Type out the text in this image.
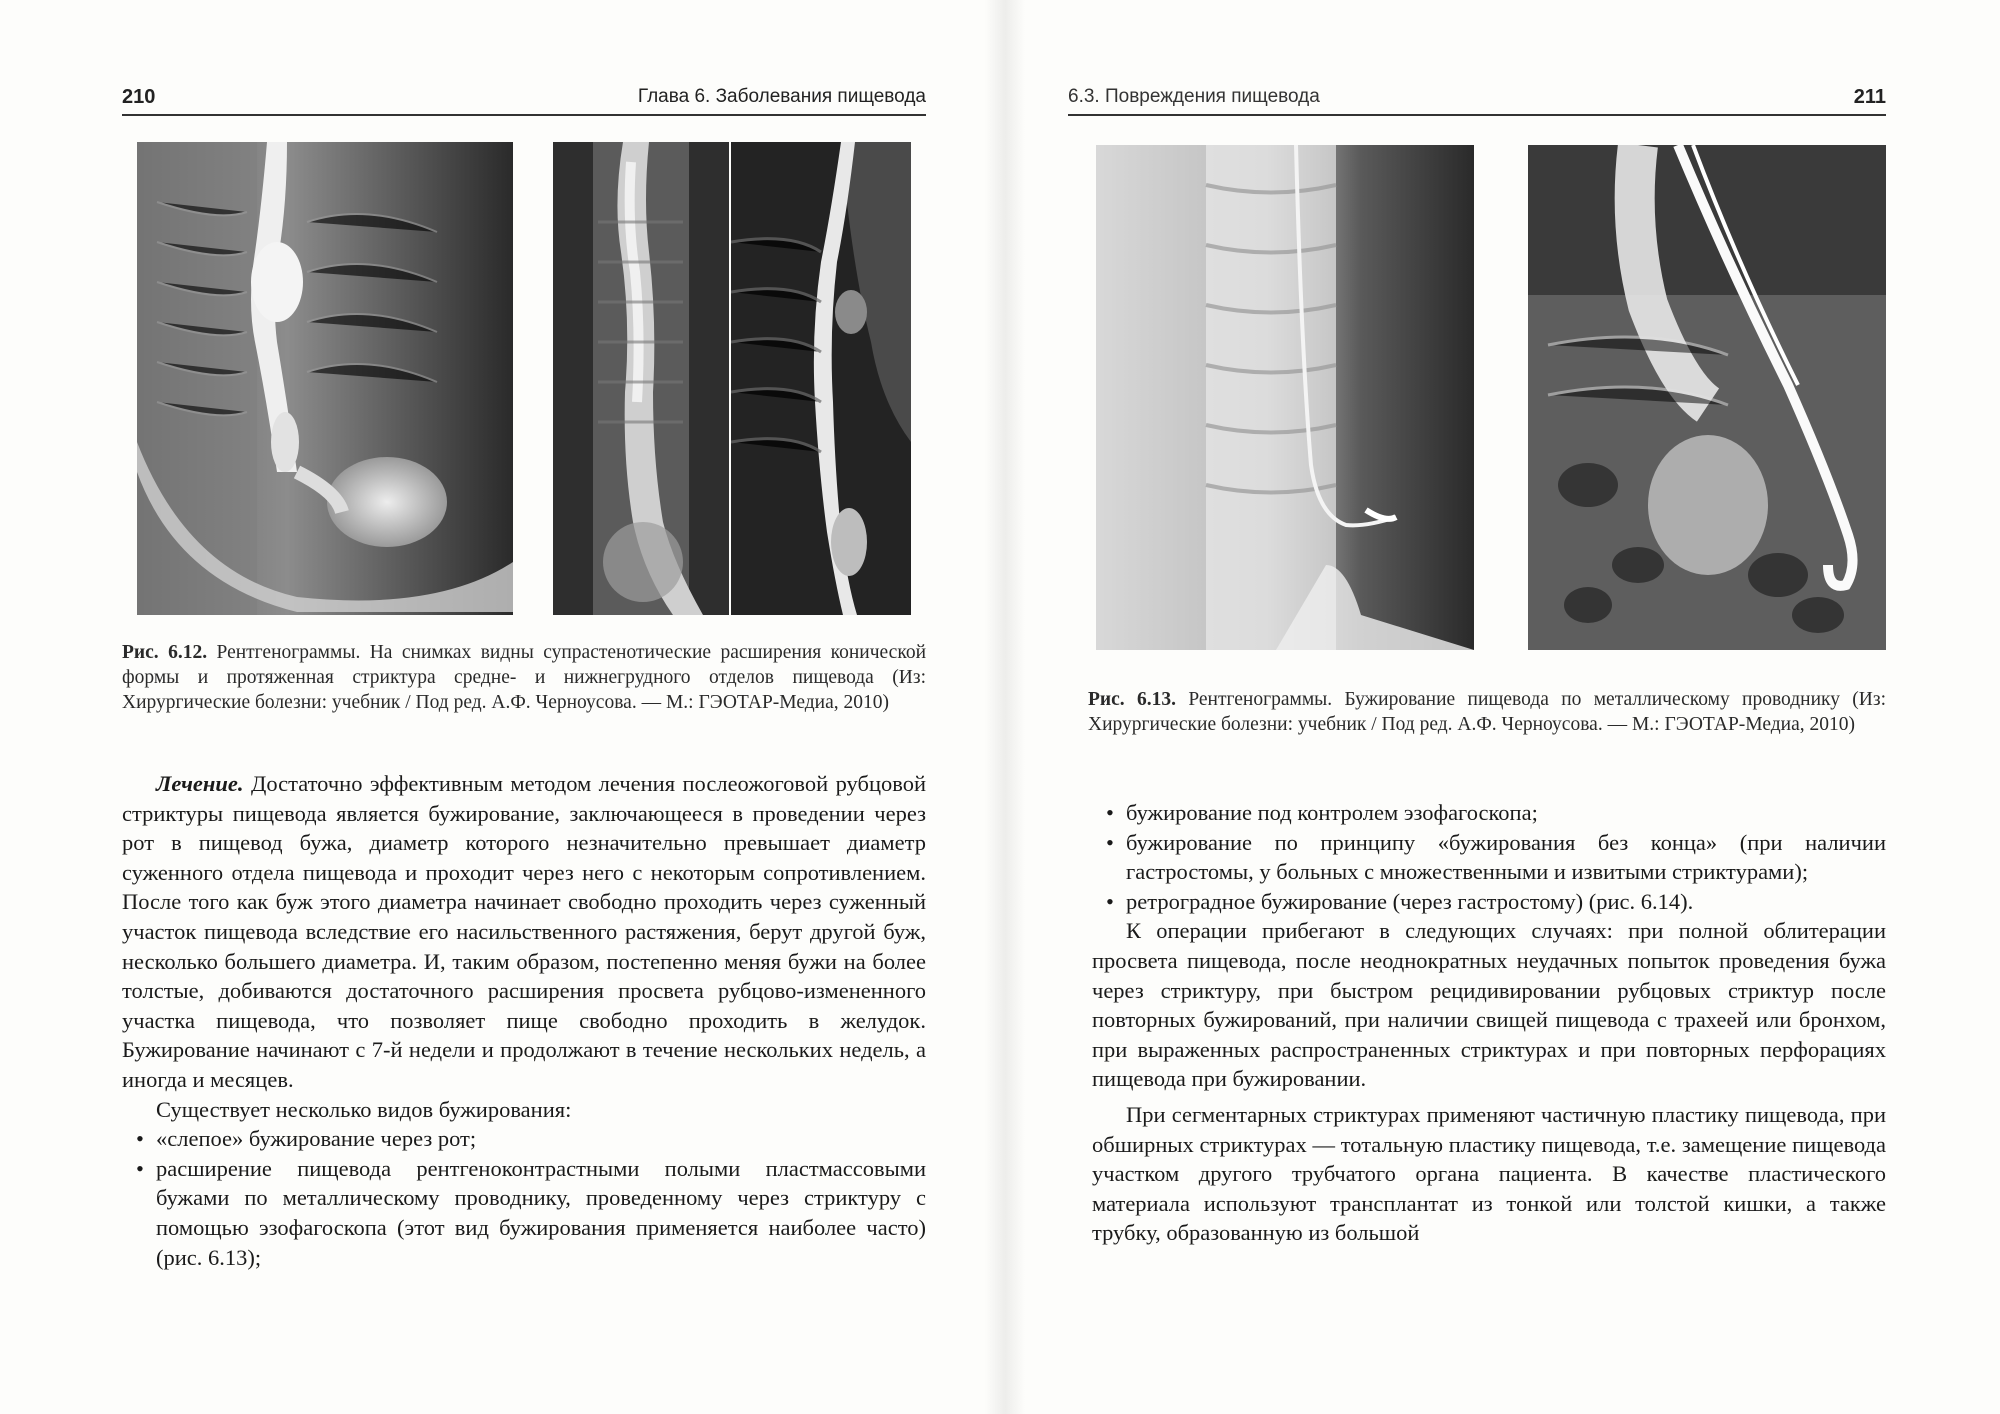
210	Глава 6. Заболевания пищевода
Рис. 6.12. Рентгенограммы. На снимках видны супрастенотические расширения конической формы и протяженная стриктура средне- и нижнегрудного отделов пищевода (Из: Хирургические болезни: учебник / Под ред. А.Ф. Черноусова. — М.: ГЭОТАР-Медиа, 2010)

Лечение. Достаточно эффективным методом лечения послеожоговой рубцовой стриктуры пищевода является бужирование, заключающееся в проведении через рот в пищевод бужа, диаметр которого незначительно превышает диаметр суженного отдела пищевода и проходит через него с некоторым сопротивлением. После того как буж этого диаметра начинает свободно проходить через суженный участок пищевода вследствие его насильственного растяжения, берут другой буж, несколько большего диаметра. И, таким образом, постепенно меняя бужи на более толстые, добиваются достаточного расширения просвета рубцово-измененного участка пищевода, что позволяет пище свободно проходить в желудок. Бужирование начинают с 7-й недели и продолжают в течение нескольких недель, а иногда и месяцев.

Существует несколько видов бужирования:

• «слепое» бужирование через рот;
• расширение пищевода рентгеноконтрастными полыми пластмассовыми бужами по металлическому проводнику, проведенному через стриктуру с помощью эзофагоскопа (этот вид бужирования применяется наиболее часто) (рис. 6.13);
6.3. Повреждения пищевода	211
Рис. 6.13. Рентгенограммы. Бужирование пищевода по металлическому проводнику (Из: Хирургические болезни: учебник / Под ред. А.Ф. Черноусова. — М.: ГЭОТАР-Медиа, 2010)
• бужирование под контролем эзофагоскопа;
• бужирование по принципу «бужирования без конца» (при наличии гастростомы, у больных с множественными и извитыми стриктурами);
• ретроградное бужирование (через гастростому) (рис. 6.14).

К операции прибегают в следующих случаях: при полной облитерации просвета пищевода, после неоднократных неудачных попыток проведения бужа через стриктуру, при быстром рецидивировании рубцовых стриктур после повторных бужирований, при наличии свищей пищевода с трахеей или бронхом, при выраженных распространенных стриктурах и при повторных перфорациях пищевода при бужировании.

При сегментарных стриктурах применяют частичную пластику пищевода, при обширных стриктурах — тотальную пластику пищевода, т.е. замещение пищевода участком другого трубчатого органа пациента. В качестве пластического материала используют трансплантат из тонкой или толстой кишки, а также трубку, образованную из большой
